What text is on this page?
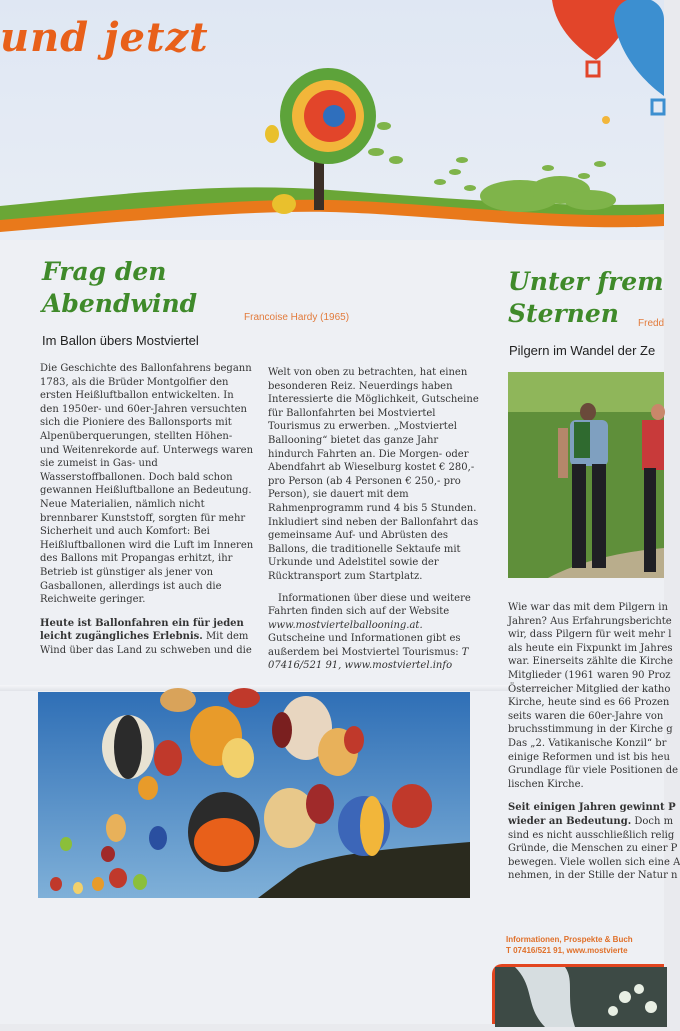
und jetzt
Frag den
Abendwind	Francoise Hardy (1965)
Im Ballon übers Mostviertel

Die Geschichte des Ballonfahrens begann 1783, als die Brüder Montgolfier den ersten Heißluftballon entwickelten. In den 1950er- und 60er-Jahren versuchten sich die Pioniere des Ballonsports mit Alpenüberquerungen, stellten Höhen- und Weitenrekorde auf. Unterwegs waren sie zumeist in Gas- und Wasserstoffballonen. Doch bald schon gewannen Heißluftballone an Bedeutung. Neue Materialien, nämlich nicht brennbarer Kunststoff, sorgten für mehr Sicherheit und auch Komfort: Bei Heißluftballonen wird die Luft im Inneren des Ballons mit Propangas erhitzt, ihr Betrieb ist günstiger als jener von Gasballonen, allerdings ist auch die Reichweite geringer.

Heute ist Ballonfahren ein für jeden leicht zugängliches Erlebnis. Mit dem Wind über das Land zu schweben und die

Welt von oben zu betrachten, hat einen besonderen Reiz. Neuerdings haben Interessierte die Möglichkeit, Gutscheine für Ballonfahrten bei Mostviertel Tourismus zu erwerben. „Mostviertel Ballooning“ bietet das ganze Jahr hindurch Fahrten an. Die Morgen- oder Abendfahrt ab Wieselburg kostet € 280,- pro Person (ab 4 Personen € 250,- pro Person), sie dauert mit dem Rahmenprogramm rund 4 bis 5 Stunden. Inkludiert sind neben der Ballonfahrt das gemeinsame Auf- und Abrüsten des Ballons, die traditionelle Sektaufe mit Urkunde und Adelstitel sowie der Rücktransport zum Startplatz.

Informationen über diese und weitere Fahrten finden sich auf der Website www.mostviertelballooning.at. Gutscheine und Informationen gibt es außerdem bei Mostviertel Tourismus: T 07416/521 91, www.mostviertel.info

Unter frem
Sternen Fredd
Pilgern im Wandel der Ze
Wie war das mit dem Pilgern in
Jahren? Aus Erfahrungsberichte
wir, dass Pilgern für weit mehr l
als heute ein Fixpunkt im Jahres
war. Einerseits zählte die Kirche
Mitglieder (1961 waren 90 Proz
Österreicher Mitglied der katho
Kirche, heute sind es 66 Prozen
seits waren die 60er-Jahre von
bruchsstimmung in der Kirche g
Das „2. Vatikanische Konzil“ br
einige Reformen und ist bis heu
Grundlage für viele Positionen de
lischen Kirche.
Seit einigen Jahren gewinnt P
wieder an Bedeutung. Doch m
sind es nicht ausschließlich relig
Gründe, die Menschen zu einer P
bewegen. Viele wollen sich eine A
nehmen, in der Stille der Natur n
Informationen, Prospekte & Buch
T 07416/521 91, www.mostvierte
